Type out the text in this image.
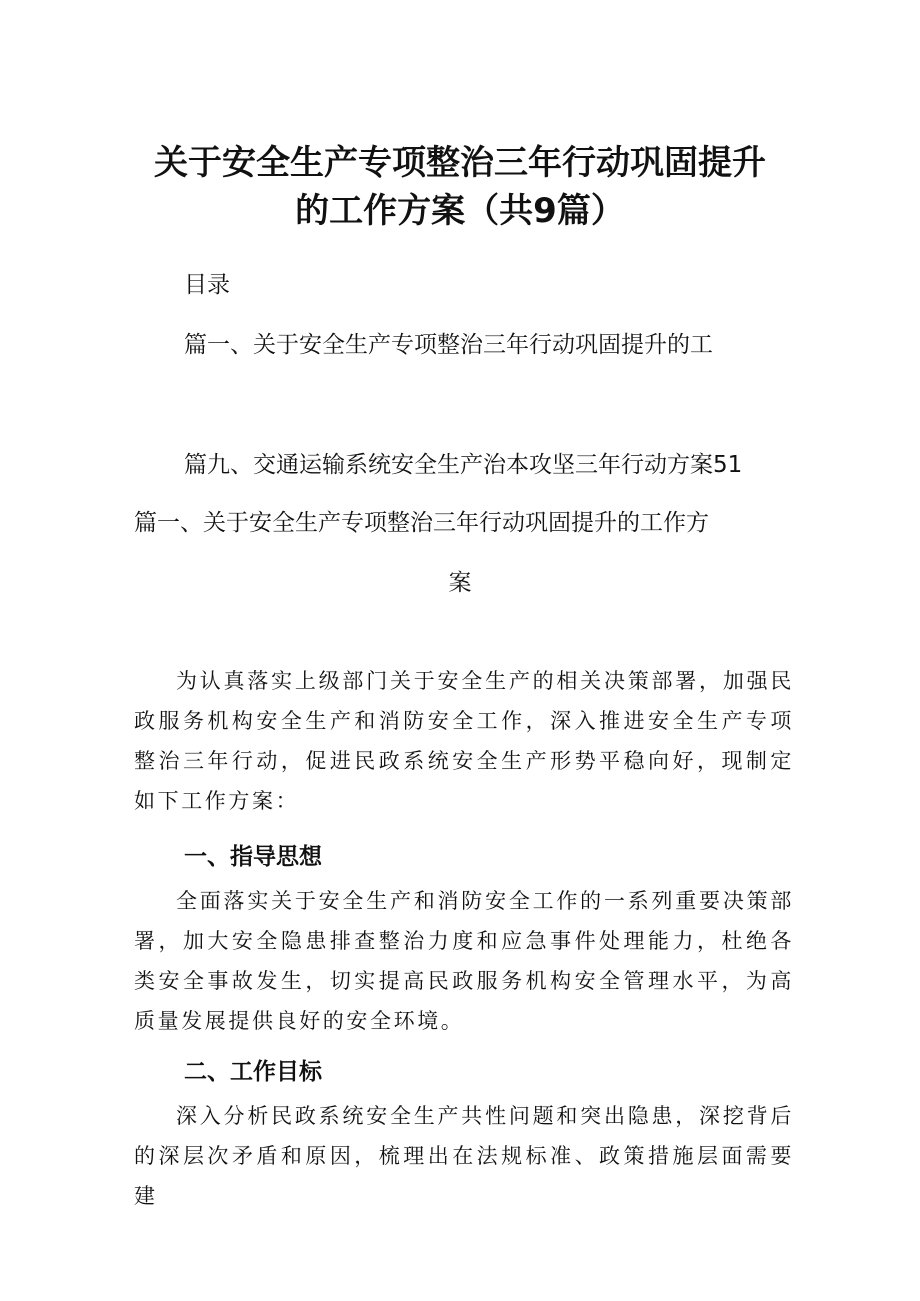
关于安全生产专项整治三年行动巩固提升
的工作方案（共9篇）
目录
篇一、关于安全生产专项整治三年行动巩固提升的工
篇九、交通运输系统安全生产治本攻坚三年行动方案51
篇一、关于安全生产专项整治三年行动巩固提升的工作方
案
为认真落实上级部门关于安全生产的相关决策部署，加强民政服务机构安全生产和消防安全工作，深入推进安全生产专项整治三年行动，促进民政系统安全生产形势平稳向好，现制定如下工作方案：
一、指导思想
全面落实关于安全生产和消防安全工作的一系列重要决策部署，加大安全隐患排查整治力度和应急事件处理能力，杜绝各类安全事故发生，切实提高民政服务机构安全管理水平，为高质量发展提供良好的安全环境。
二、工作目标
深入分析民政系统安全生产共性问题和突出隐患，深挖背后的深层次矛盾和原因，梳理出在法规标准、政策措施层面需要建
